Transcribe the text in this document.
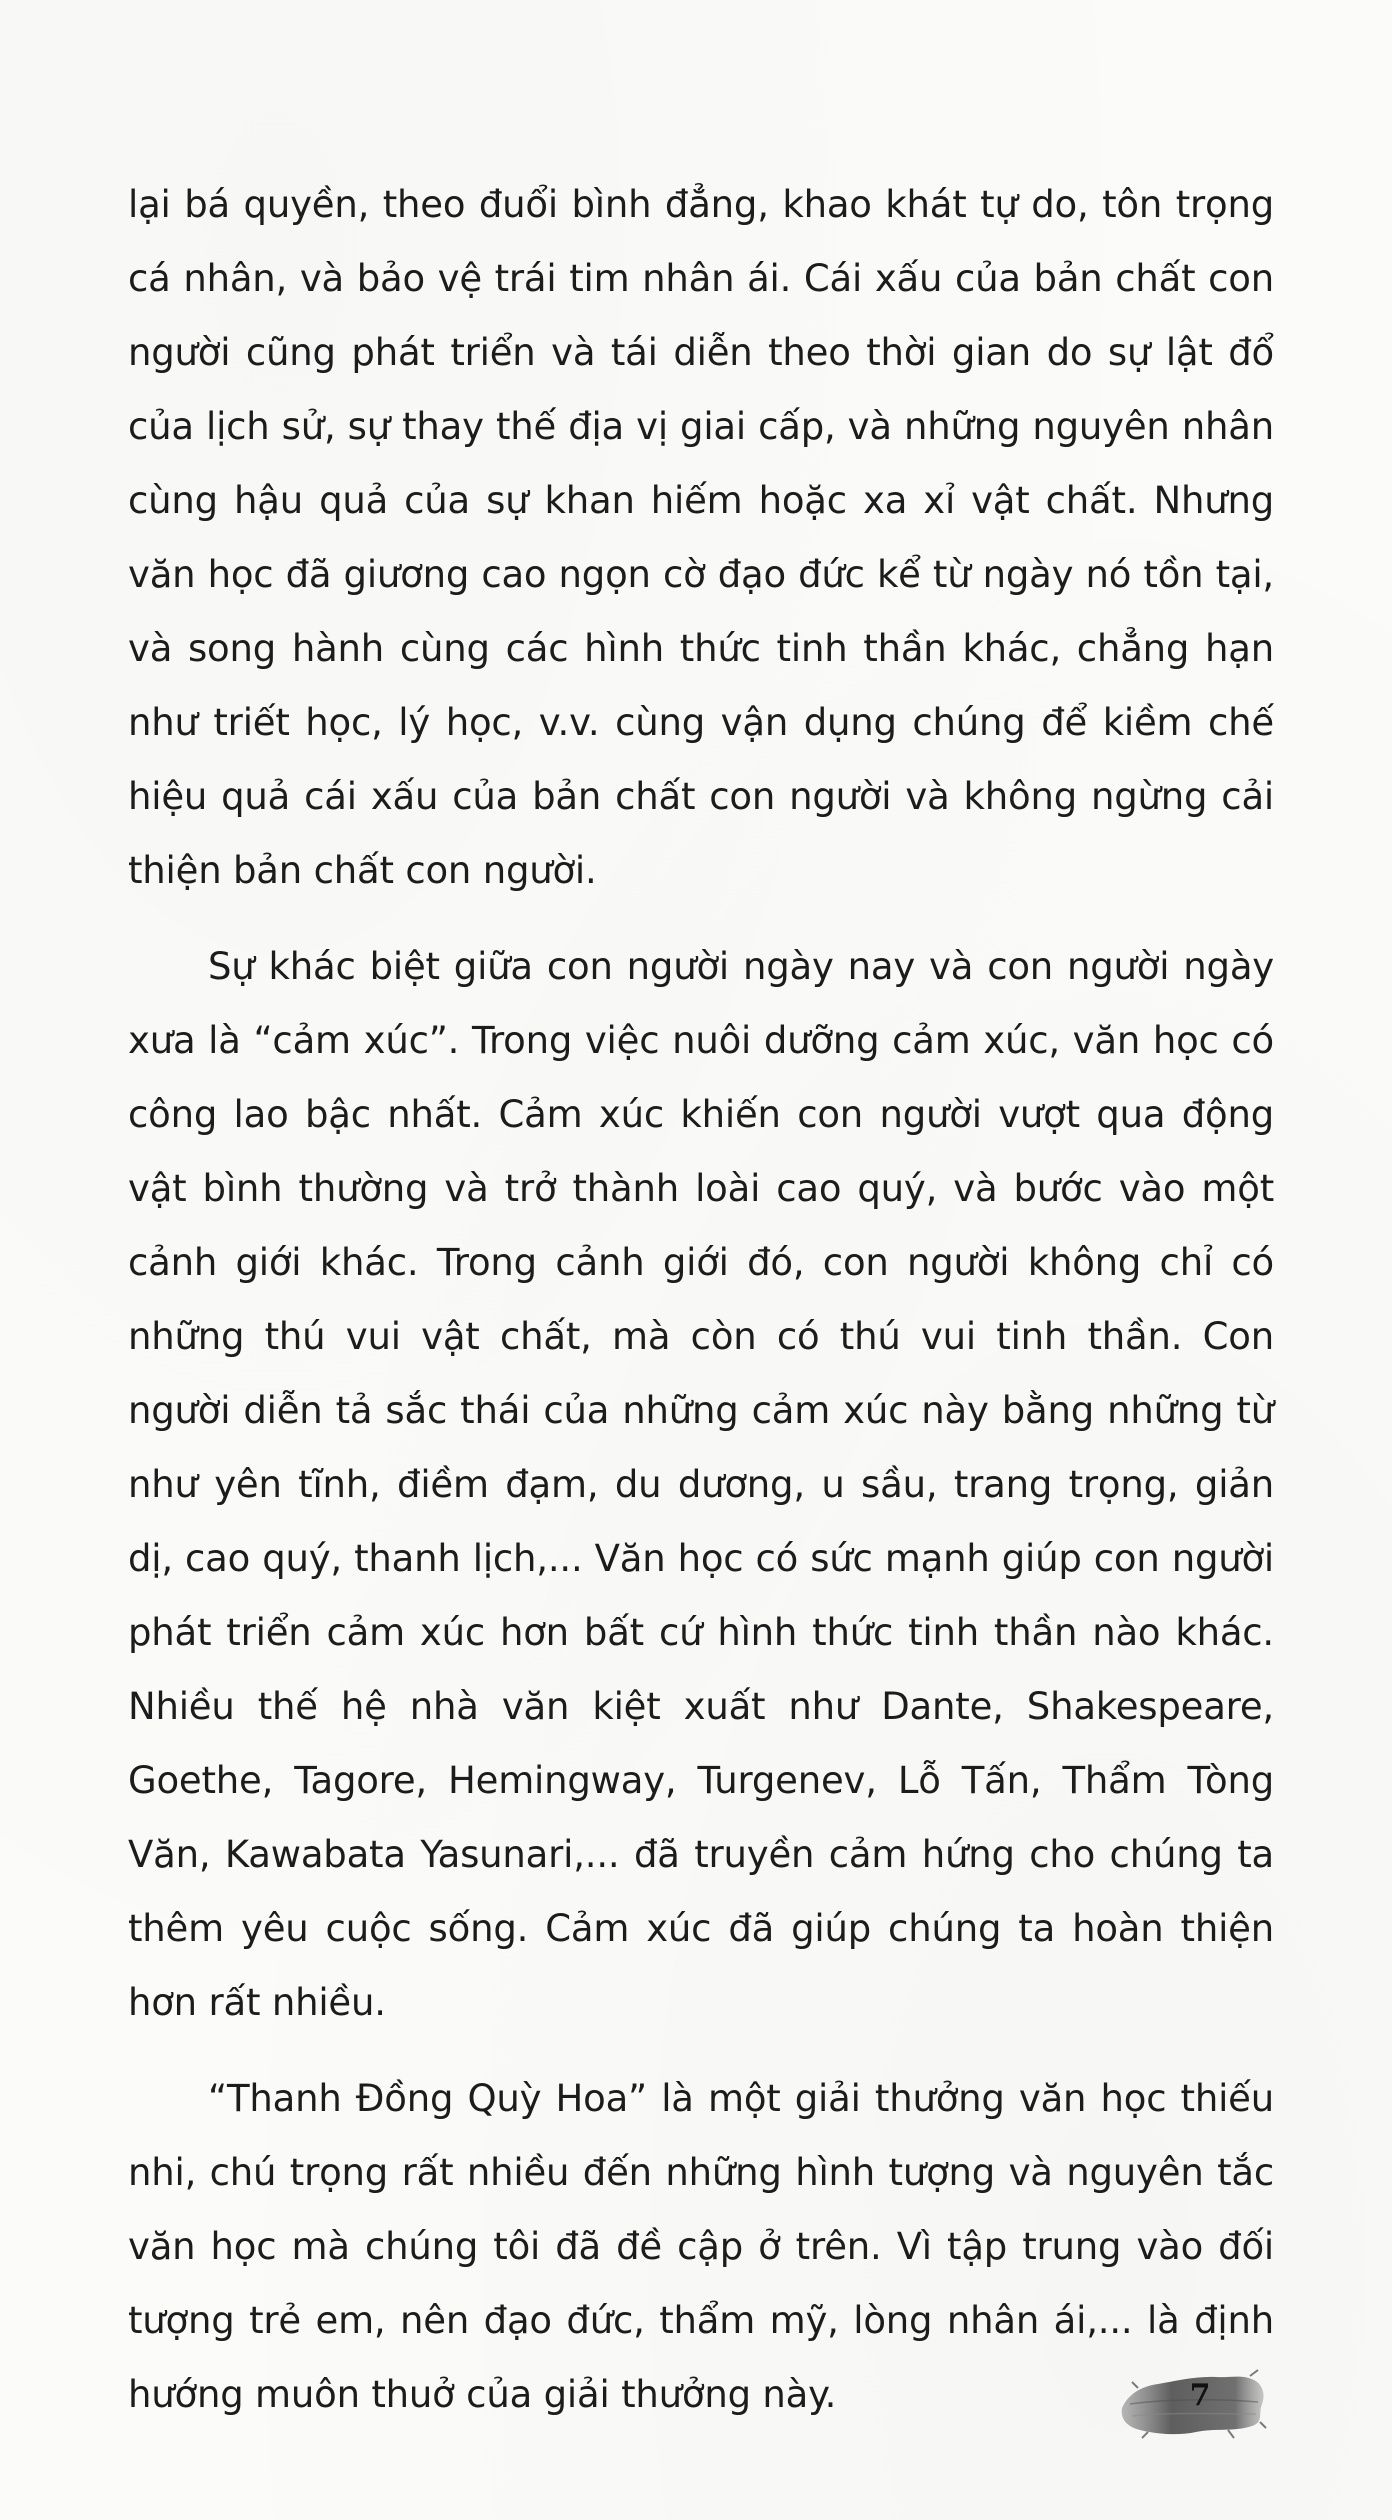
lại bá quyền, theo đuổi bình đẳng, khao khát tự do, tôn trọng cá nhân, và bảo vệ trái tim nhân ái. Cái xấu của bản chất con người cũng phát triển và tái diễn theo thời gian do sự lật đổ của lịch sử, sự thay thế địa vị giai cấp, và những nguyên nhân cùng hậu quả của sự khan hiếm hoặc xa xỉ vật chất. Nhưng văn học đã giương cao ngọn cờ đạo đức kể từ ngày nó tồn tại, và song hành cùng các hình thức tinh thần khác, chẳng hạn như triết học, lý học, v.v. cùng vận dụng chúng để kiềm chế hiệu quả cái xấu của bản chất con người và không ngừng cải thiện bản chất con người.

Sự khác biệt giữa con người ngày nay và con người ngày xưa là “cảm xúc”. Trong việc nuôi dưỡng cảm xúc, văn học có công lao bậc nhất. Cảm xúc khiến con người vượt qua động vật bình thường và trở thành loài cao quý, và bước vào một cảnh giới khác. Trong cảnh giới đó, con người không chỉ có những thú vui vật chất, mà còn có thú vui tinh thần. Con người diễn tả sắc thái của những cảm xúc này bằng những từ như yên tĩnh, điềm đạm, du dương, u sầu, trang trọng, giản dị, cao quý, thanh lịch,... Văn học có sức mạnh giúp con người phát triển cảm xúc hơn bất cứ hình thức tinh thần nào khác. Nhiều thế hệ nhà văn kiệt xuất như Dante, Shakespeare, Goethe, Tagore, Hemingway, Turgenev, Lỗ Tấn, Thẩm Tòng Văn, Kawabata Yasunari,... đã truyền cảm hứng cho chúng ta thêm yêu cuộc sống. Cảm xúc đã giúp chúng ta hoàn thiện hơn rất nhiều.

“Thanh Đồng Quỳ Hoa” là một giải thưởng văn học thiếu nhi, chú trọng rất nhiều đến những hình tượng và nguyên tắc văn học mà chúng tôi đã đề cập ở trên. Vì tập trung vào đối tượng trẻ em, nên đạo đức, thẩm mỹ, lòng nhân ái,... là định hướng muôn thuở của giải thưởng này.	7
